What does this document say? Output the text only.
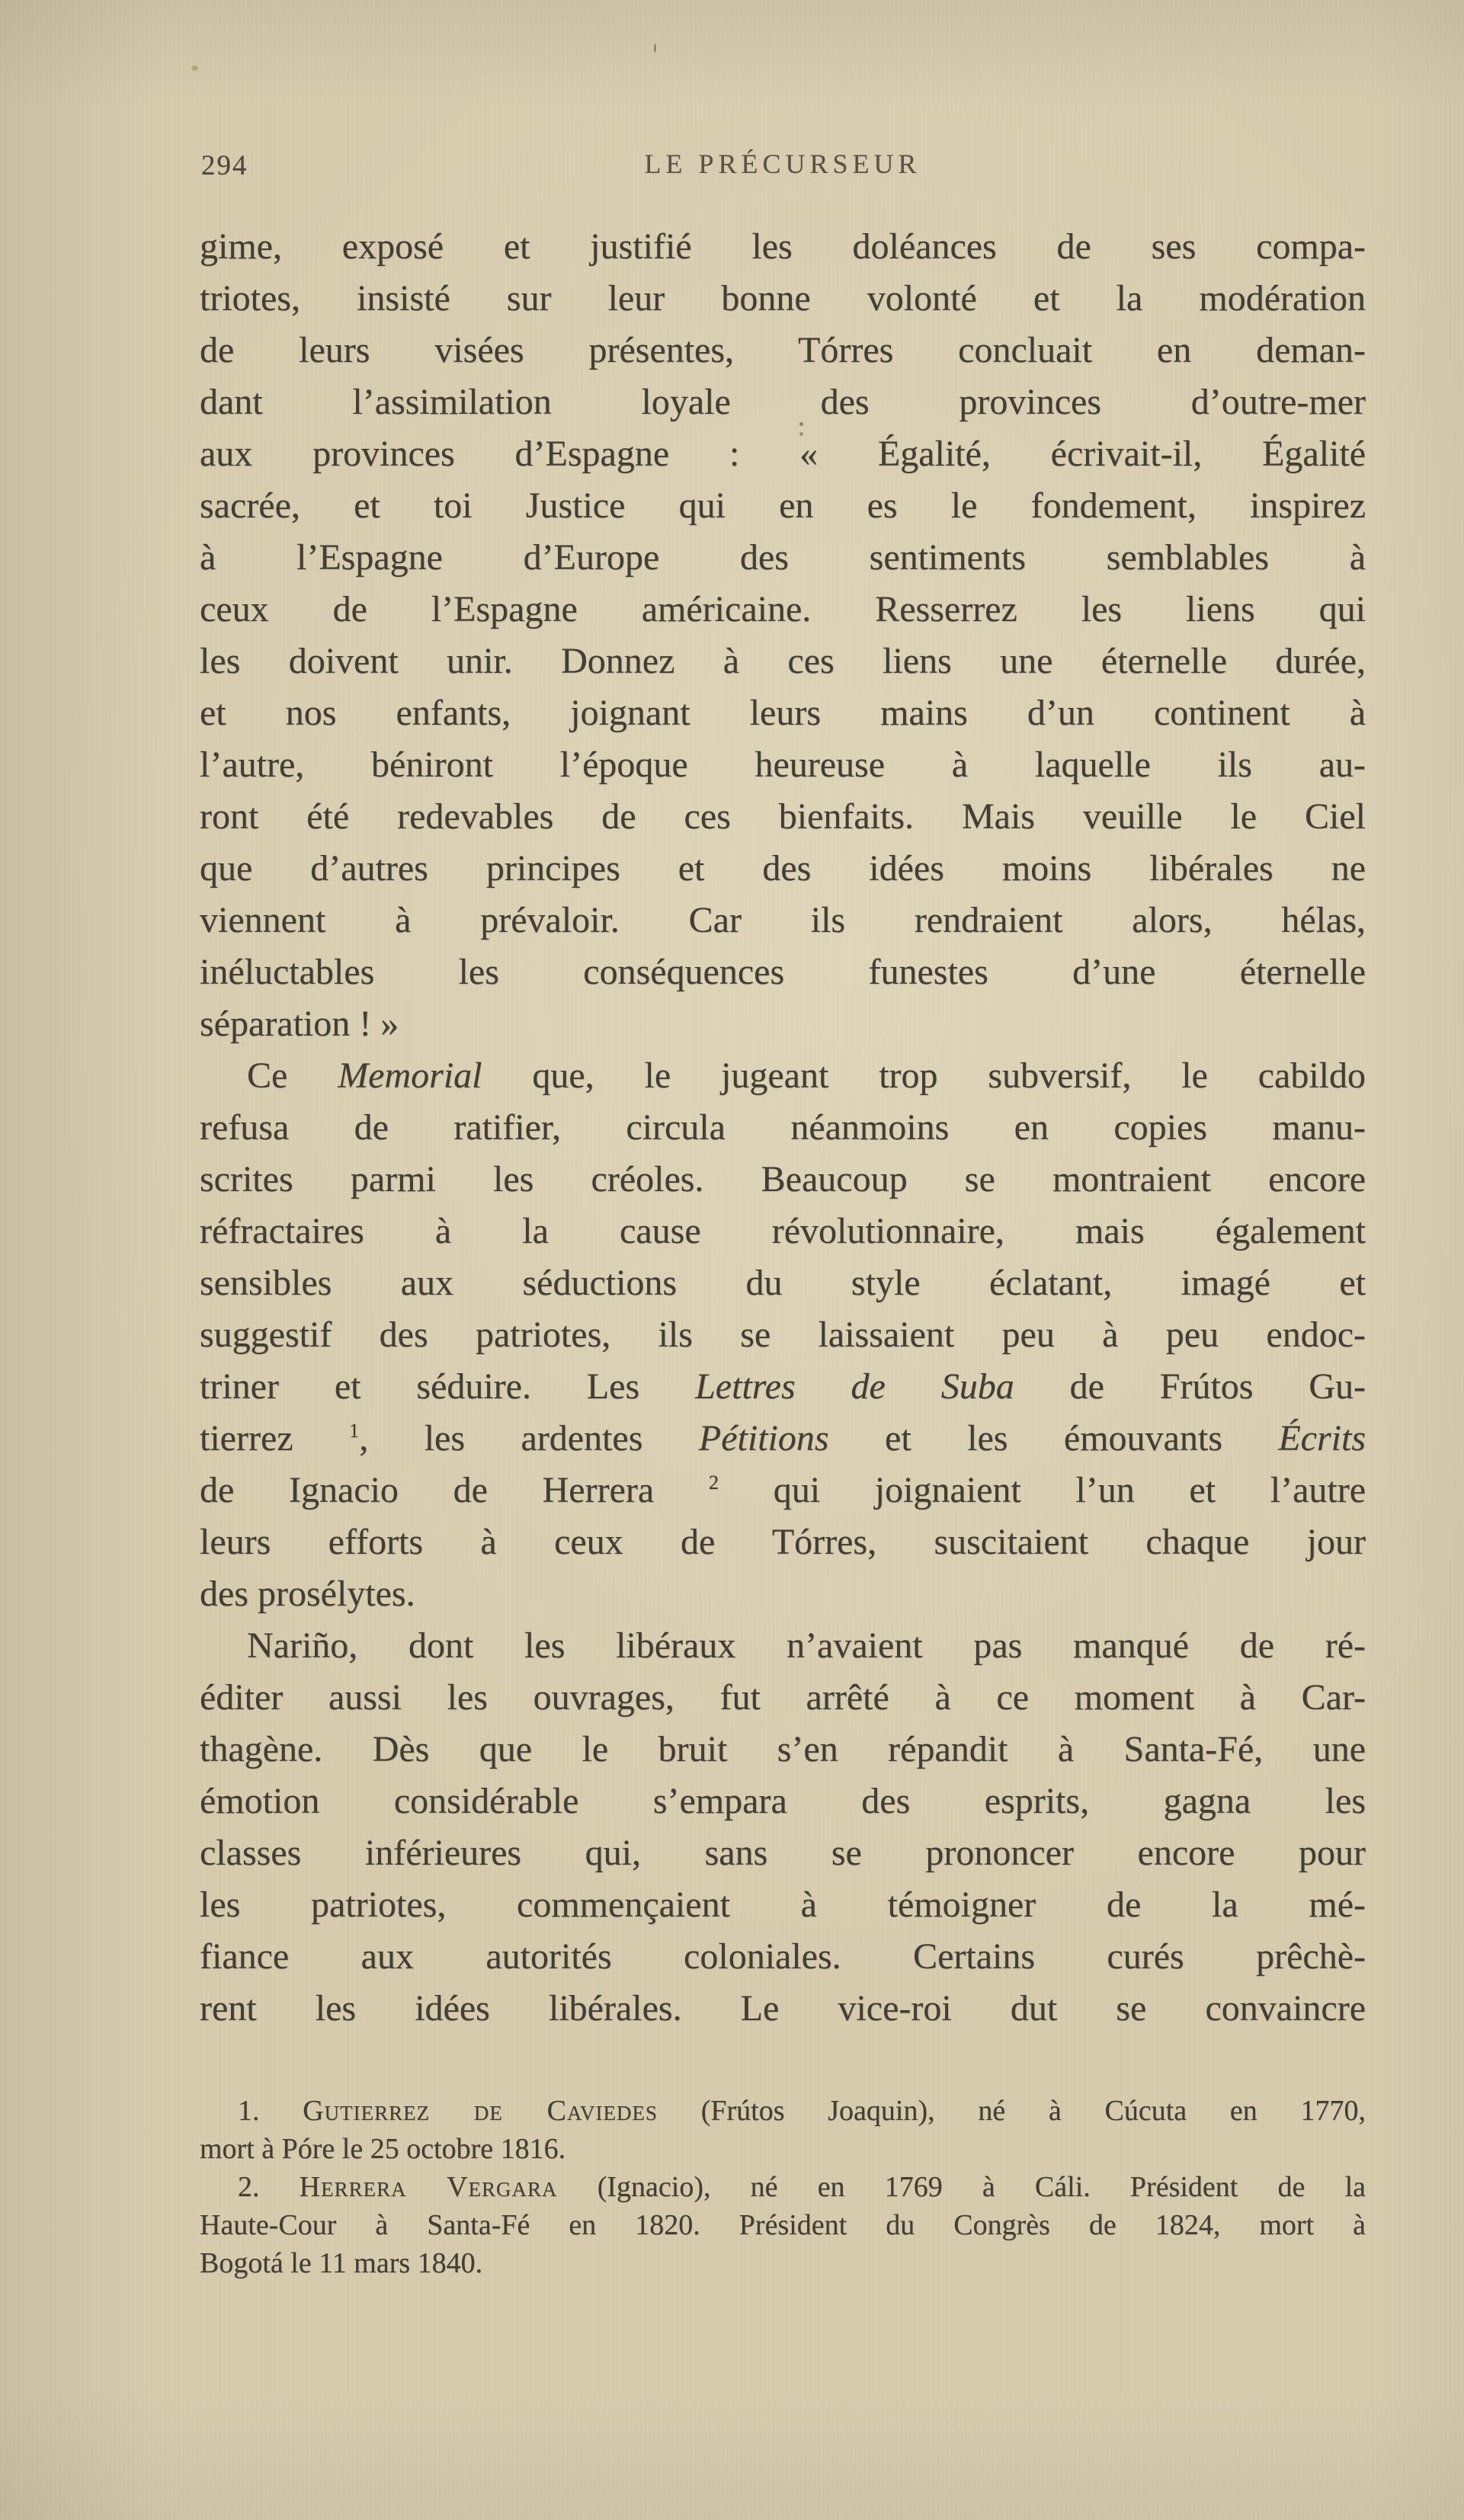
294	LE PRÉCURSEUR
gime, exposé et justifié les doléances de ses compa-
triotes, insisté sur leur bonne volonté et la modération
de leurs visées présentes, Tórres concluait en deman-
dant l’assimilation loyale des provinces d’outre-mer
aux provinces d’Espagne : « Égalité, écrivait-il, Égalité
sacrée, et toi Justice qui en es le fondement, inspirez
à l’Espagne d’Europe des sentiments semblables à
ceux de l’Espagne américaine. Resserrez les liens qui
les doivent unir. Donnez à ces liens une éternelle durée,
et nos enfants, joignant leurs mains d’un continent à
l’autre, béniront l’époque heureuse à laquelle ils au-
ront été redevables de ces bienfaits. Mais veuille le Ciel
que d’autres principes et des idées moins libérales ne
viennent à prévaloir. Car ils rendraient alors, hélas,
inéluctables les conséquences funestes d’une éternelle
séparation ! »
Ce Memorial que, le jugeant trop subversif, le cabildo
refusa de ratifier, circula néanmoins en copies manu-
scrites parmi les créoles. Beaucoup se montraient encore
réfractaires à la cause révolutionnaire, mais également
sensibles aux séductions du style éclatant, imagé et
suggestif des patriotes, ils se laissaient peu à peu endoc-
triner et séduire. Les Lettres de Suba de Frútos Gu-
tierrez $^1$, les ardentes Pétitions et les émouvants Écrits
de Ignacio de Herrera $^2$ qui joignaient l’un et l’autre
leurs efforts à ceux de Tórres, suscitaient chaque jour
des prosélytes.
Nariño, dont les libéraux n’avaient pas manqué de ré-
éditer aussi les ouvrages, fut arrêté à ce moment à Car-
thagène. Dès que le bruit s’en répandit à Santa-Fé, une
émotion considérable s’empara des esprits, gagna les
classes inférieures qui, sans se prononcer encore pour
les patriotes, commençaient à témoigner de la mé-
fiance aux autorités coloniales. Certains curés prêchè-
rent les idées libérales. Le vice-roi dut se convaincre
1. Gutierrez de Caviedes (Frútos Joaquin), né à Cúcuta en 1770,
mort à Póre le 25 octobre 1816.
2. Herrera Vergara (Ignacio), né en 1769 à Cáli. Président de la
Haute-Cour à Santa-Fé en 1820. Président du Congrès de 1824, mort à
Bogotá le 11 mars 1840.
